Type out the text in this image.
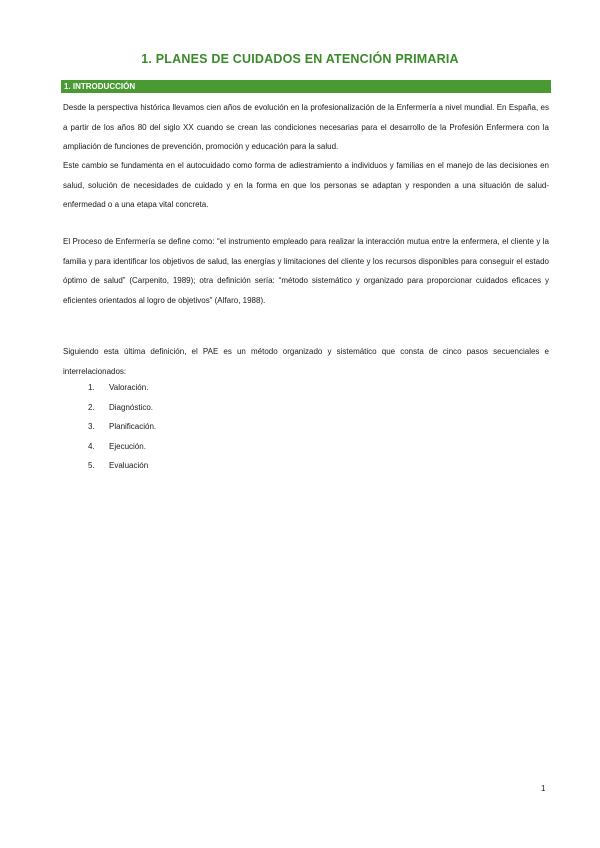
1. PLANES DE CUIDADOS EN ATENCIÓN PRIMARIA
1. INTRODUCCIÓN
Desde la perspectiva histórica llevamos cien años de evolución en la profesionalización de la Enfermería a nivel mundial. En España, es a partir de los años 80 del siglo XX cuando se crean las condiciones necesarias para el desarrollo de la Profesión Enfermera con la ampliación de funciones de prevención, promoción y educación para la salud.
Este cambio se fundamenta en el autocuidado como forma de adiestramiento a individuos y familias en el manejo de las decisiones en salud, solución de necesidades de cuidado y en la forma en que los personas se adaptan y responden a una situación de salud-enfermedad o a una etapa vital concreta.
El Proceso de Enfermería se define como: “el instrumento empleado para realizar la interacción mutua entre la enfermera, el cliente y la familia y para identificar los objetivos de salud, las energías y limitaciones del cliente y los recursos disponibles para conseguir el estado óptimo de salud” (Carpenito, 1989); otra definición sería: “método sistemático y organizado para proporcionar cuidados eficaces y eficientes orientados al logro de objetivos” (Alfaro, 1988).
Siguiendo esta última definición, el PAE es un método organizado y sistemático que consta de cinco pasos secuenciales e interrelacionados:
1.	Valoración.
2.	Diagnóstico.
3.	Planificación.
4.	Ejecución.
5.	Evaluación
1
